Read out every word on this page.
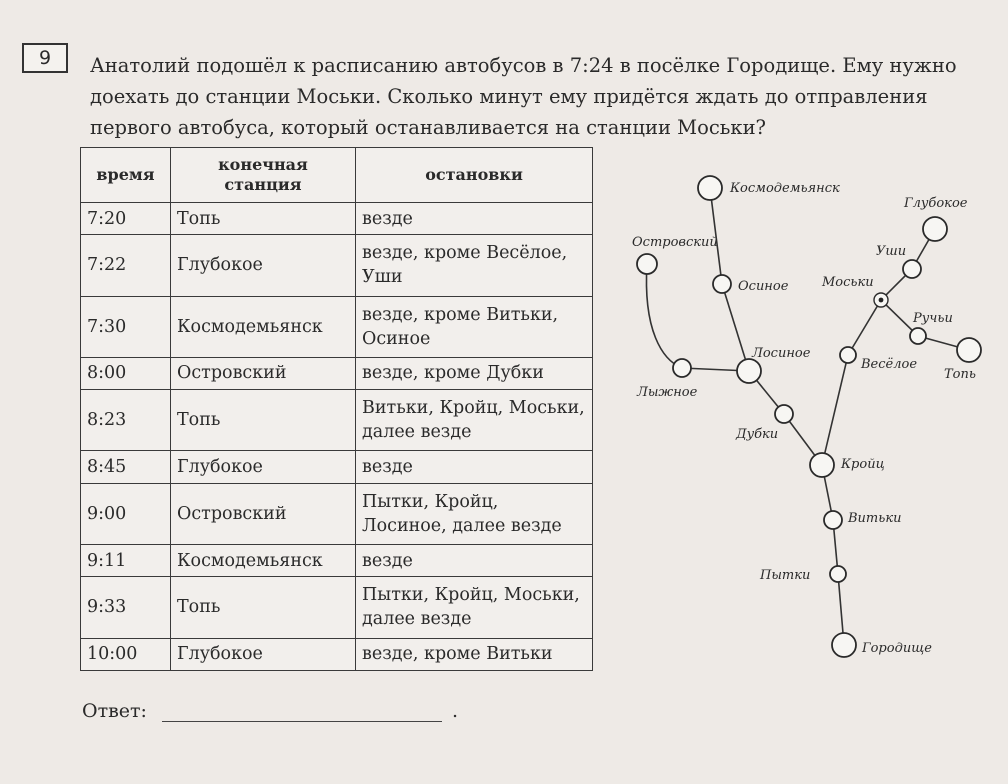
9	Анатолий подошёл к расписанию автобусов в 7:24 в посёлке Городище. Ему нужно доехать до станции Моськи. Сколько минут ему придётся ждать до отправления первого автобуса, который останавливается на станции Моськи?

время	конечная станция	остановки
7:20	Топь	везде
7:22	Глубокое	везде, кроме Весёлое, Уши
7:30	Космодемьянск	везде, кроме Витьки, Осиное
8:00	Островский	везде, кроме Дубки
8:23	Топь	Витьки, Кройц, Моськи, далее везде
8:45	Глубокое	везде
9:00	Островский	Пытки, Кройц, Лосиное, далее везде
9:11	Космодемьянск	везде
9:33	Топь	Пытки, Кройц, Моськи, далее везде
10:00	Глубокое	везде, кроме Витьки
Космодемьянск
Глубокое
Островский
Уши
Осиное	Моськи
Ручьи
Лосиное
Весёлое
Топь
Лыжное
Дубки
Кройц
Витьки
Пытки
Городище
Ответ:	.
